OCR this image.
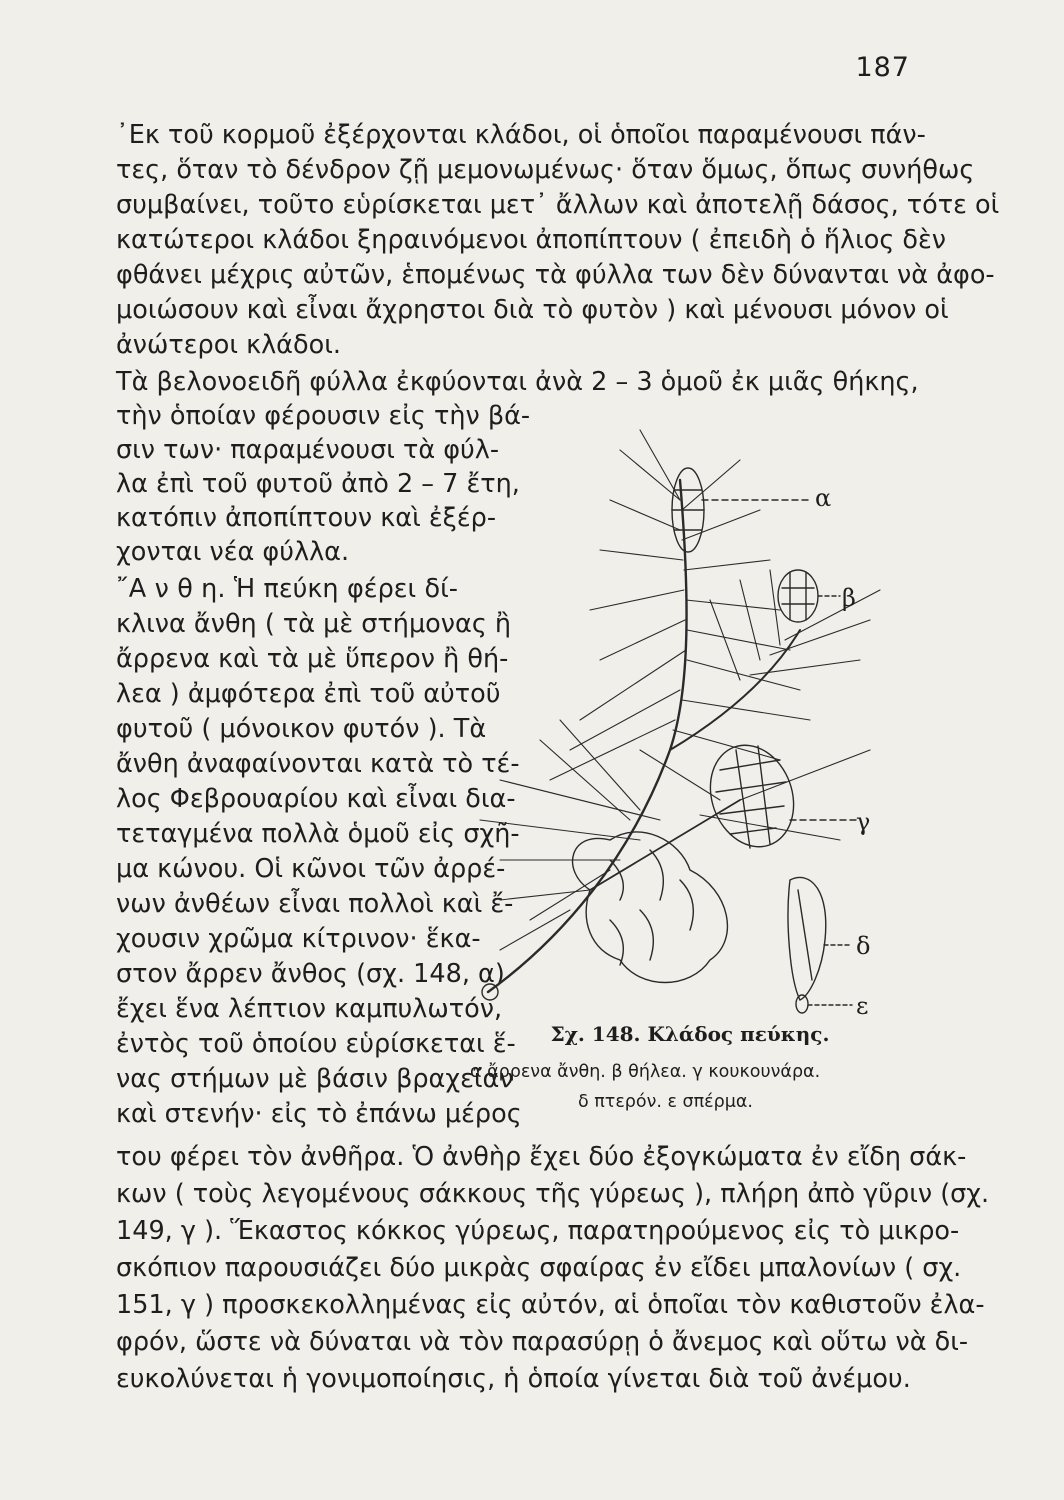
187

᾿Εκ τοῦ κορμοῦ ἐξέρχονται κλάδοι, οἱ ὁποῖοι παραμένουσι πάν-

τες, ὅταν τὸ δένδρον ζῇ μεμονωμένως· ὅταν ὅμως, ὅπως συνήθως

συμβαίνει, τοῦτο εὑρίσκεται μετ᾿ ἄλλων καὶ ἀποτελῇ δάσος, τότε οἱ

κατώτεροι κλάδοι ξηραινόμενοι ἀποπίπτουν ( ἐπειδὴ ὁ ἥλιος δὲν

φθάνει μέχρις αὐτῶν, ἑπομένως τὰ φύλλα των δὲν δύνανται νὰ ἀφο-

μοιώσουν καὶ εἶναι ἄχρηστοι διὰ τὸ φυτὸν ) καὶ μένουσι μόνον οἱ

ἀνώτεροι κλάδοι.

Τὰ βελονοειδῆ φύλλα ἐκφύονται ἀνὰ 2 – 3 ὁμοῦ ἐκ μιᾶς θήκης,

τὴν ὁποίαν φέρουσιν εἰς τὴν βά-

σιν των· παραμένουσι τὰ φύλ-

λα ἐπὶ τοῦ φυτοῦ ἀπὸ 2 – 7 ἔτη,

κατόπιν ἀποπίπτουν καὶ ἐξέρ-

χονται νέα φύλλα.

῎Α ν θ η. Ἡ πεύκη φέρει δί-

κλινα ἄνθη ( τὰ μὲ στήμονας ἢ

ἄρρενα καὶ τὰ μὲ ὕπερον ἢ θή-

λεα ) ἀμφότερα ἐπὶ τοῦ αὐτοῦ

φυτοῦ ( μόνοικον φυτόν ). Τὰ

ἄνθη ἀναφαίνονται κατὰ τὸ τέ-

λος Φεβρουαρίου καὶ εἶναι δια-

τεταγμένα πολλὰ ὁμοῦ εἰς σχῆ-

μα κώνου. Οἱ κῶνοι τῶν ἀρρέ-

νων ἀνθέων εἶναι πολλοὶ καὶ ἔ-

χουσιν χρῶμα κίτρινον· ἕκα-

στον ἄρρεν ἄνθος (σχ. 148, α)

ἔχει ἕνα λέπτιον καμπυλωτόν,

ἐντὸς τοῦ ὁποίου εὑρίσκεται ἕ-

νας στήμων μὲ βάσιν βραχεῖαν

καὶ στενήν· εἰς τὸ ἐπάνω μέρος

του φέρει τὸν ἀνθῆρα. Ὁ ἀνθὴρ ἔχει δύο ἐξογκώματα ἐν εἴδη σάκ-

κων ( τοὺς λεγομένους σάκκους τῆς γύρεως ), πλήρη ἀπὸ γῦριν (σχ.

149, γ ). Ἕκαστος κόκκος γύρεως, παρατηρούμενος εἰς τὸ μικρο-

σκόπιον παρουσιάζει δύο μικρὰς σφαίρας ἐν εἴδει μπαλονίων ( σχ.

151, γ ) προσκεκολλημένας εἰς αὐτόν, αἱ ὁποῖαι τὸν καθιστοῦν ἐλα-

φρόν, ὥστε νὰ δύναται νὰ τὸν παρασύρῃ ὁ ἄνεμος καὶ οὕτω νὰ δι-

ευκολύνεται ἡ γονιμοποίησις, ἡ ὁποία γίνεται διὰ τοῦ ἀνέμου.

α
β
γ
δ
ε
Σχ. 148. Κλάδος πεύκης.
α ἄρρενα ἄνθη. β θήλεα. γ κουκουνάρα.
δ πτερόν. ε σπέρμα.
